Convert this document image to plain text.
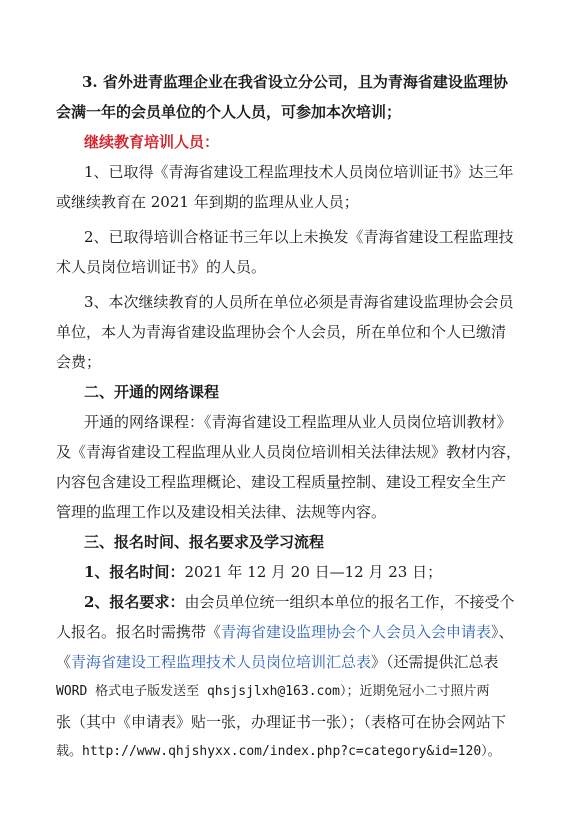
3. 省外进青监理企业在我省设立分公司，且为青海省建设监理协
会满一年的会员单位的个人人员，可参加本次培训；
继续教育培训人员：
1、已取得《青海省建设工程监理技术人员岗位培训证书》达三年
或继续教育在 2021 年到期的监理从业人员；
2、已取得培训合格证书三年以上未换发《青海省建设工程监理技
术人员岗位培训证书》的人员。
3、本次继续教育的人员所在单位必须是青海省建设监理协会会员
单位，本人为青海省建设监理协会个人会员，所在单位和个人已缴清
会费；
二、开通的网络课程
开通的网络课程：《青海省建设工程监理从业人员岗位培训教材》
及《青海省建设工程监理从业人员岗位培训相关法律法规》教材内容，
内容包含建设工程监理概论、建设工程质量控制、建设工程安全生产
管理的监理工作以及建设相关法律、法规等内容。
三、报名时间、报名要求及学习流程
1、报名时间：2021 年 12 月 20 日—12 月 23 日；
2、报名要求：由会员单位统一组织本单位的报名工作，不接受个
人报名。报名时需携带《青海省建设监理协会个人会员入会申请表》、
《青海省建设工程监理技术人员岗位培训汇总表》（还需提供汇总表
WORD 格式电子版发送至 qhsjsjlxh@163.com）；近期免冠小二寸照片两
张（其中《申请表》贴一张，办理证书一张）；（表格可在协会网站下
载。http://www.qhjshyxx.com/index.php?c=category&id=120）。
